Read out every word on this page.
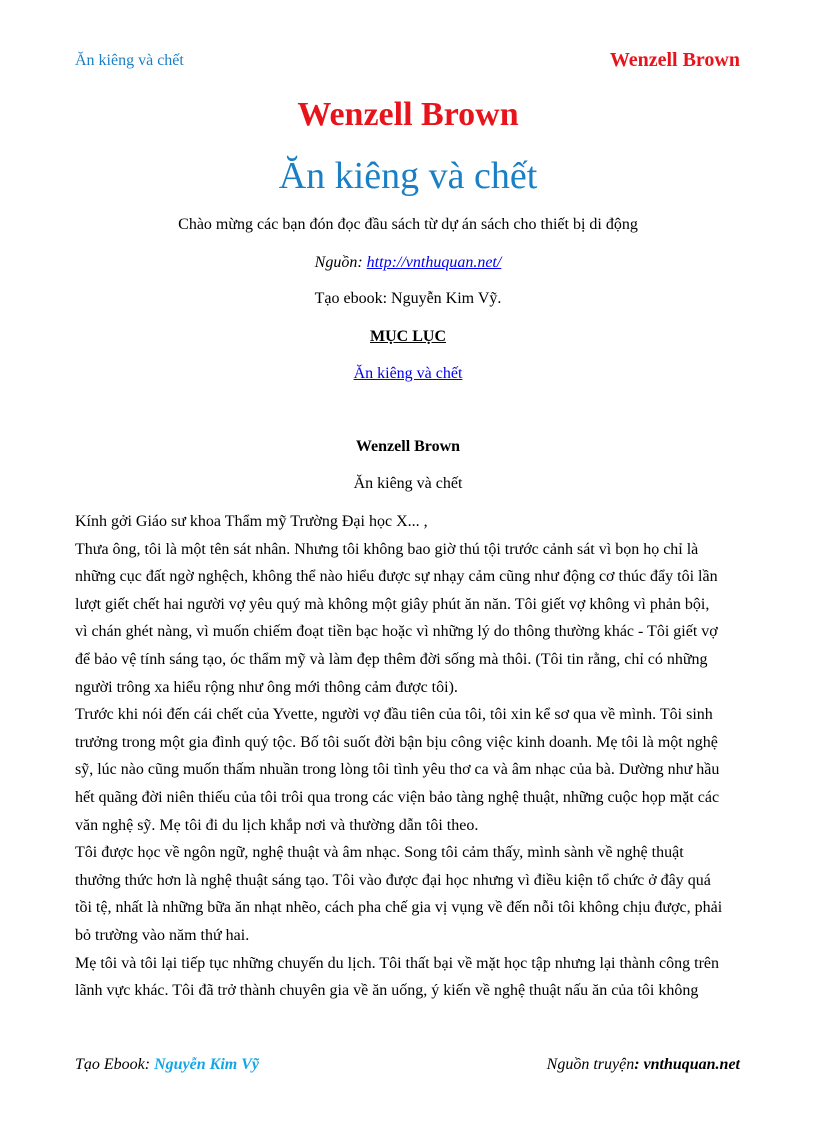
Ăn kiêng và chết	Wenzell Brown
Wenzell Brown
Ăn kiêng và chết
Chào mừng các bạn đón đọc đầu sách từ dự án sách cho thiết bị di động
Nguồn: http://vnthuquan.net/
Tạo ebook: Nguyễn Kim Vỹ.
MỤC LỤC
Ăn kiêng và chết
Wenzell Brown
Ăn kiêng và chết
Kính gởi Giáo sư khoa Thẩm mỹ Trường Đại học X... ,
Thưa ông, tôi là một tên sát nhân. Nhưng tôi không bao giờ thú tội trước cảnh sát vì bọn họ chỉ là
những cục đất ngờ nghệch, không thể nào hiểu được sự nhạy cảm cũng như động cơ thúc đẩy tôi lần
lượt giết chết hai người vợ yêu quý mà không một giây phút ăn năn. Tôi giết vợ không vì phản bội,
vì chán ghét nàng, vì muốn chiếm đoạt tiền bạc hoặc vì những lý do thông thường khác - Tôi giết vợ
để bảo vệ tính sáng tạo, óc thẩm mỹ và làm đẹp thêm đời sống mà thôi. (Tôi tin rằng, chỉ có những
người trông xa hiểu rộng như ông mới thông cảm được tôi).
Trước khi nói đến cái chết của Yvette, người vợ đầu tiên của tôi, tôi xin kể sơ qua về mình. Tôi sinh
trưởng trong một gia đình quý tộc. Bố tôi suốt đời bận bịu công việc kinh doanh. Mẹ tôi là một nghệ
sỹ, lúc nào cũng muốn thấm nhuần trong lòng tôi tình yêu thơ ca và âm nhạc của bà. Dường như hầu
hết quãng đời niên thiếu của tôi trôi qua trong các viện bảo tàng nghệ thuật, những cuộc họp mặt các
văn nghệ sỹ. Mẹ tôi đi du lịch khắp nơi và thường dẫn tôi theo.
Tôi được học về ngôn ngữ, nghệ thuật và âm nhạc. Song tôi cảm thấy, mình sành về nghệ thuật
thưởng thức hơn là nghệ thuật sáng tạo. Tôi vào được đại học nhưng vì điều kiện tổ chức ở đây quá
tồi tệ, nhất là những bữa ăn nhạt nhẽo, cách pha chế gia vị vụng về đến nỗi tôi không chịu được, phải
bỏ trường vào năm thứ hai.
Mẹ tôi và tôi lại tiếp tục những chuyến du lịch. Tôi thất bại về mặt học tập nhưng lại thành công trên
lãnh vực khác. Tôi đã trở thành chuyên gia về ăn uống, ý kiến về nghệ thuật nấu ăn của tôi không
Tạo Ebook: Nguyễn Kim Vỹ	Nguồn truyện: vnthuquan.net
